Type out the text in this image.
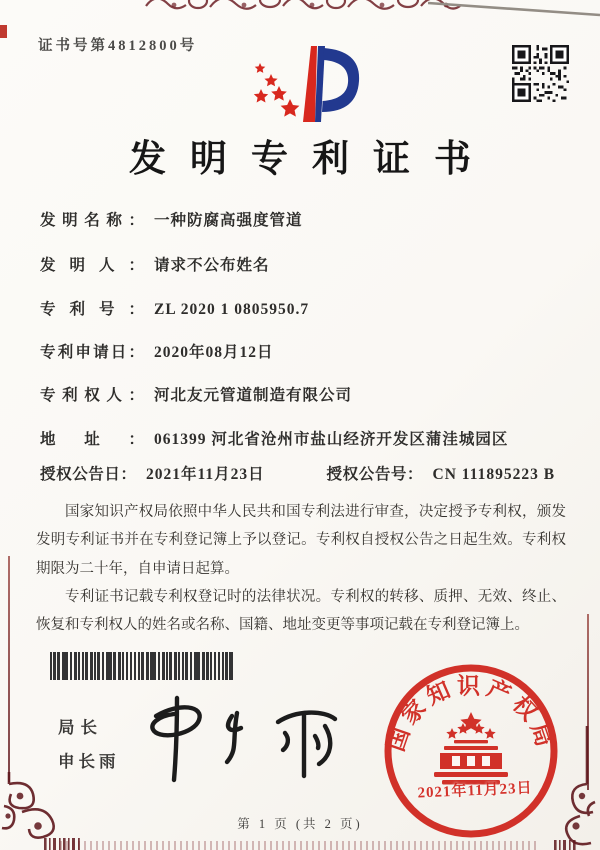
证书号第4812800号
发明专利证书
发明名称： 一种防腐高强度管道
发明人： 请求不公布姓名
专利号： ZL 2020 1 0805950.7
专利申请日： 2020年08月12日
专利权人： 河北友元管道制造有限公司
地址： 061399 河北省沧州市盐山经济开发区蒲洼城园区
授权公告日： 2021年11月23日	授权公告号： CN 111895223 B

国家知识产权局依照中华人民共和国专利法进行审查，决定授予专利权，颁发发明专利证书并在专利登记簿上予以登记。专利权自授权公告之日起生效。专利权期限为二十年，自申请日起算。

专利证书记载专利权登记时的法律状况。专利权的转移、质押、无效、终止、恢复和专利权人的姓名或名称、国籍、地址变更等事项记载在专利登记簿上。

局长
申长雨
国家知识产权局
2021年11月23日
第 1 页 (共 2 页)
